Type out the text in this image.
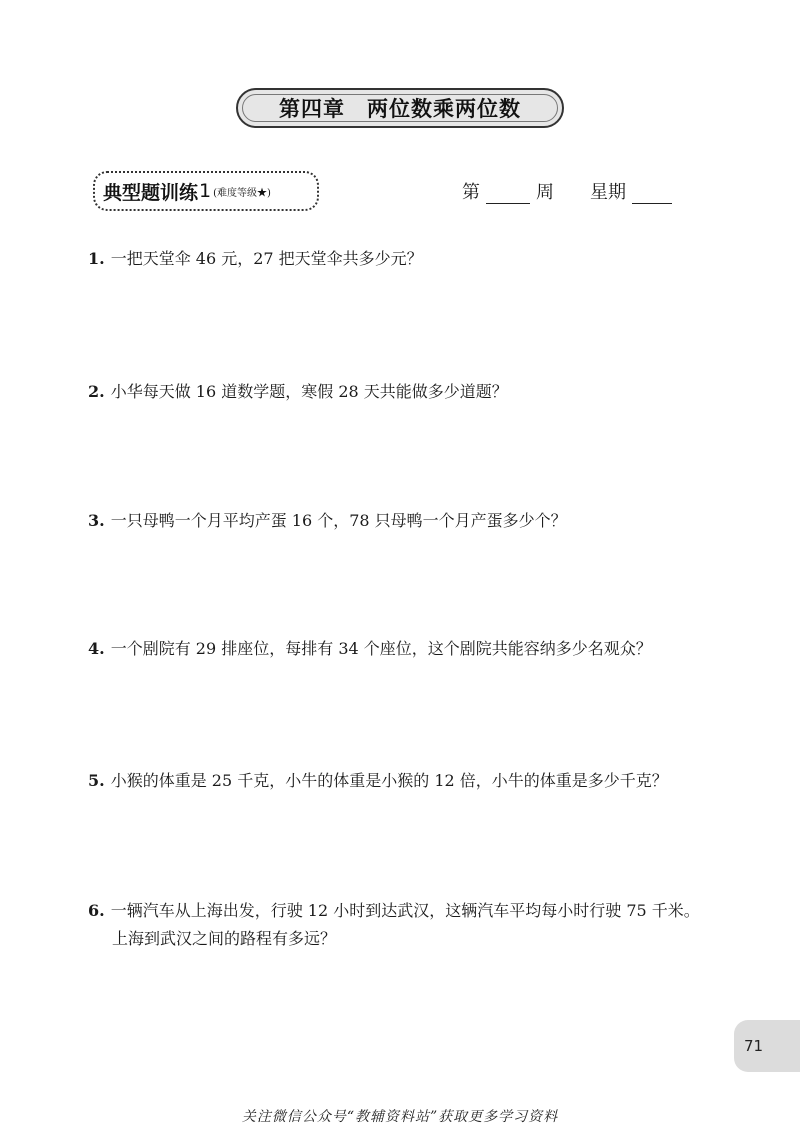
第四章　两位数乘两位数
典型题训练 1 (难度等级★)	第	周 星期
1. 一把天堂伞 46 元，27 把天堂伞共多少元？
2. 小华每天做 16 道数学题，寒假 28 天共能做多少道题？
3. 一只母鸭一个月平均产蛋 16 个，78 只母鸭一个月产蛋多少个？
4. 一个剧院有 29 排座位，每排有 34 个座位，这个剧院共能容纳多少名观众？
5. 小猴的体重是 25 千克，小牛的体重是小猴的 12 倍，小牛的体重是多少千克？
6. 一辆汽车从上海出发，行驶 12 小时到达武汉，这辆汽车平均每小时行驶 75 千米。
上海到武汉之间的路程有多远？
71
关注微信公众号“教辅资料站”获取更多学习资料
